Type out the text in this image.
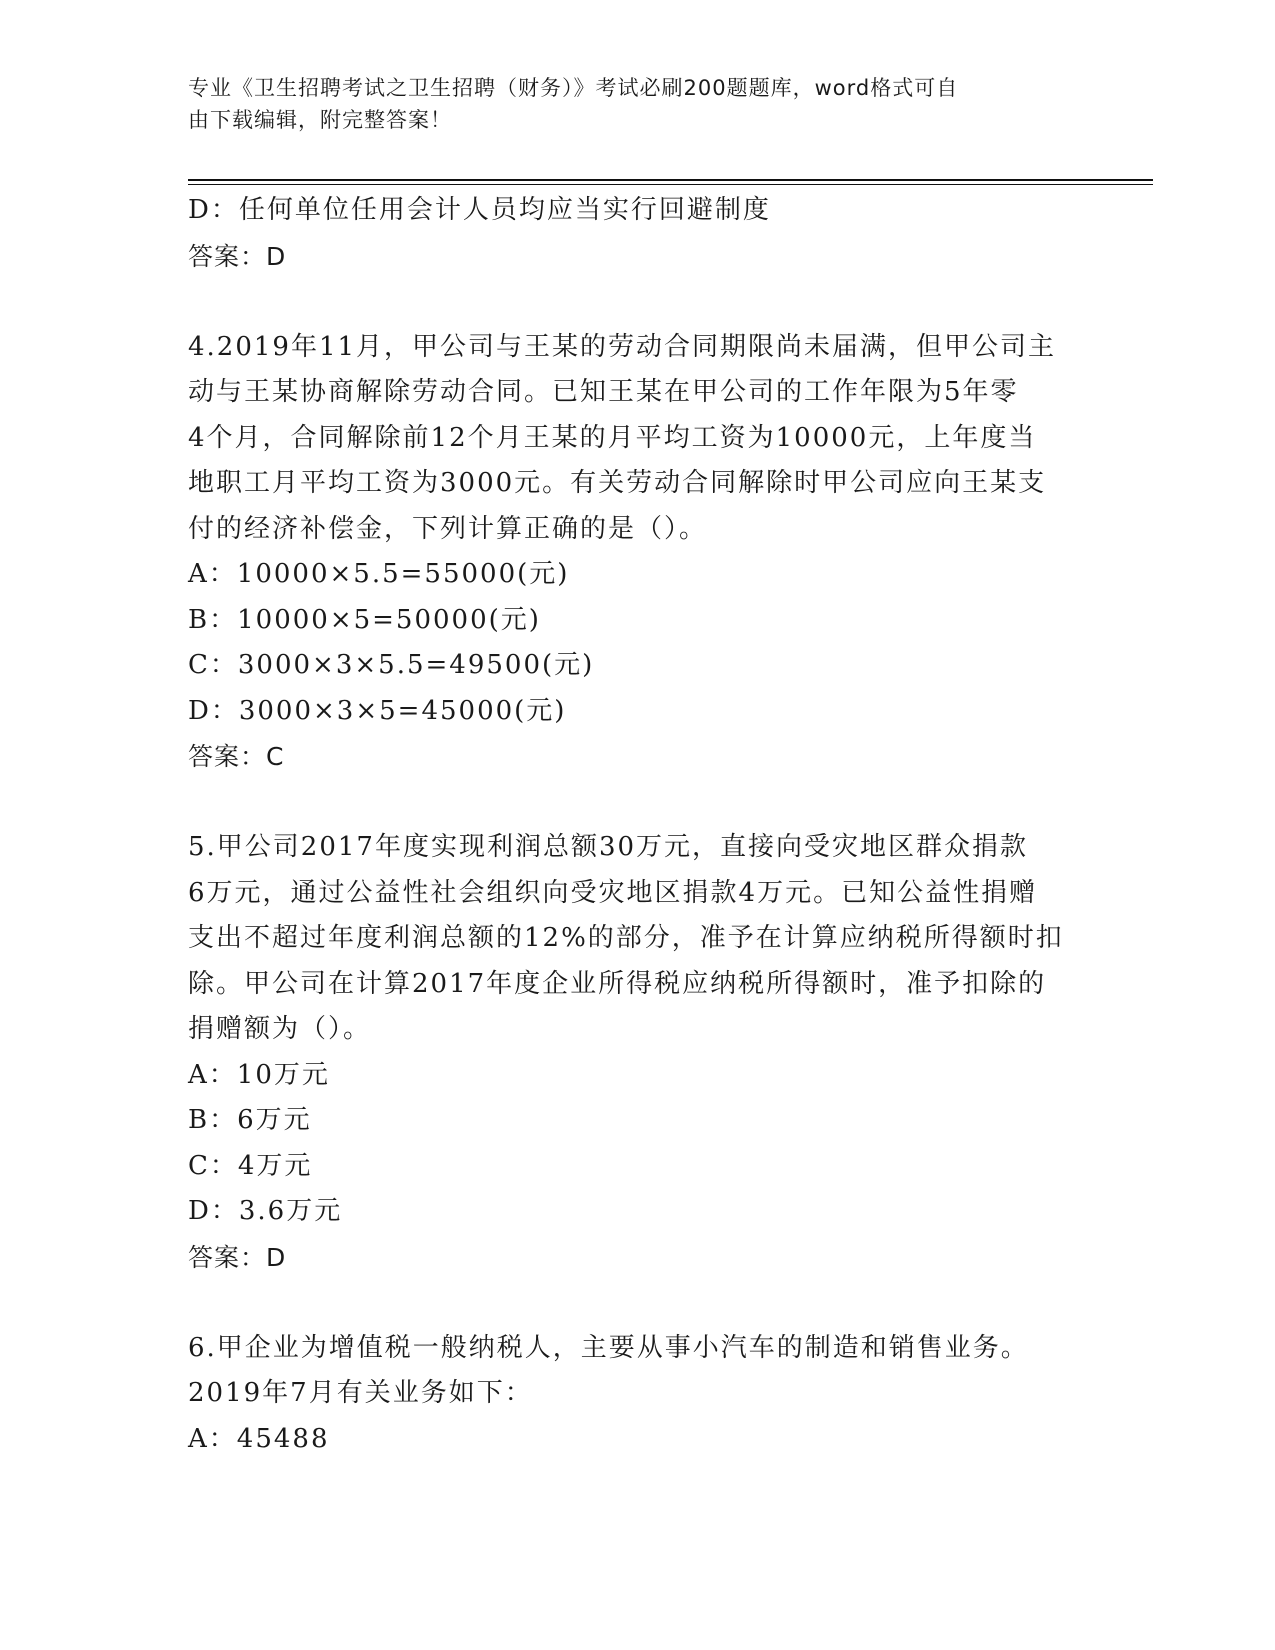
专业《卫生招聘考试之卫生招聘（财务）》考试必刷200题题库，word格式可自
由下载编辑，附完整答案！
D：任何单位任用会计人员均应当实行回避制度
答案：D
4.2019年11月，甲公司与王某的劳动合同期限尚未届满，但甲公司主
动与王某协商解除劳动合同。已知王某在甲公司的工作年限为5年零
4个月，合同解除前12个月王某的月平均工资为10000元，上年度当
地职工月平均工资为3000元。有关劳动合同解除时甲公司应向王某支
付的经济补偿金，下列计算正确的是（）。
A：10000×5.5=55000(元)
B：10000×5=50000(元)
C：3000×3×5.5=49500(元)
D：3000×3×5=45000(元)
答案：C
5.甲公司2017年度实现利润总额30万元，直接向受灾地区群众捐款
6万元，通过公益性社会组织向受灾地区捐款4万元。已知公益性捐赠
支出不超过年度利润总额的12%的部分，准予在计算应纳税所得额时扣
除。甲公司在计算2017年度企业所得税应纳税所得额时，准予扣除的
捐赠额为（）。
A：10万元
B：6万元
C：4万元
D：3.6万元
答案：D
6.甲企业为增值税一般纳税人，主要从事小汽车的制造和销售业务。
2019年7月有关业务如下：
A：45488
